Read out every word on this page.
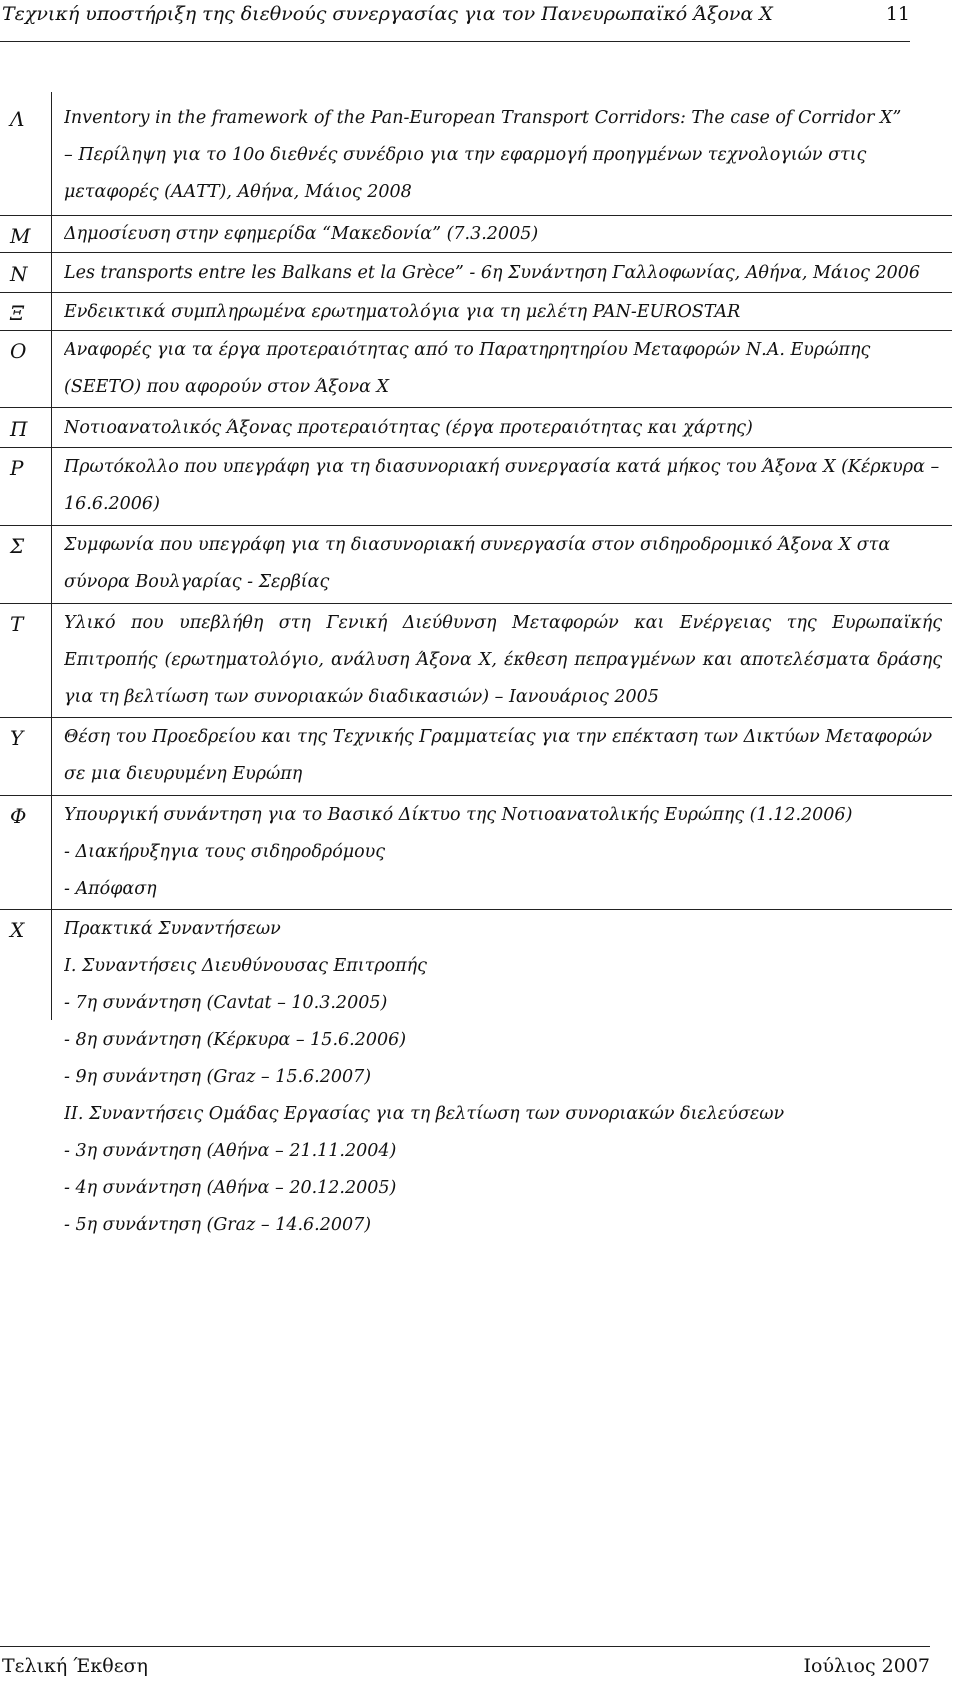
Τεχνική υποστήριξη της διεθνούς συνεργασίας για τον Πανευρωπαϊκό Άξονα Χ	11
Λ Inventory in the framework of the Pan-European Transport Corridors: The case of Corridor X”
– Περίληψη για το 10ο διεθνές συνέδριο για την εφαρμογή προηγμένων τεχνολογιών στις
μεταφορές (ΑΑΤΤ), Αθήνα, Μάιος 2008
Μ Δημοσίευση στην εφημερίδα “Μακεδονία” (7.3.2005)
Ν Les transports entre les Balkans et la Grèce” - 6η Συνάντηση Γαλλοφωνίας, Αθήνα, Μάιος 2006
Ξ Ενδεικτικά συμπληρωμένα ερωτηματολόγια για τη μελέτη PAN-EUROSTAR
Ο Αναφορές για τα έργα προτεραιότητας από το Παρατηρητηρίου Μεταφορών Ν.Α. Ευρώπης
(SEETO) που αφορούν στον Άξονα Χ
Π Νοτιοανατολικός Άξονας προτεραιότητας (έργα προτεραιότητας και χάρτης)
Ρ Πρωτόκολλο που υπεγράφη για τη διασυνοριακή συνεργασία κατά μήκος του Άξονα Χ (Κέρκυρα –
16.6.2006)
Σ Συμφωνία που υπεγράφη για τη διασυνοριακή συνεργασία στον σιδηροδρομικό Άξονα Χ στα
σύνορα Βουλγαρίας - Σερβίας
Τ Υλικό που υπεβλήθη στη Γενική Διεύθυνση Μεταφορών και Ενέργειας της Ευρωπαϊκής
Επιτροπής (ερωτηματολόγιο, ανάλυση Άξονα Χ, έκθεση πεπραγμένων και αποτελέσματα δράσης
για τη βελτίωση των συνοριακών διαδικασιών) – Ιανουάριος 2005
Υ Θέση του Προεδρείου και της Τεχνικής Γραμματείας για την επέκταση των Δικτύων Μεταφορών
σε μια διευρυμένη Ευρώπη
Φ Υπουργική συνάντηση για το Βασικό Δίκτυο της Νοτιοανατολικής Ευρώπης (1.12.2006)
- Διακήρυξηγια τους σιδηροδρόμους
- Απόφαση
Χ Πρακτικά Συναντήσεων
Ι. Συναντήσεις Διευθύνουσας Επιτροπής
- 7η συνάντηση (Cavtat – 10.3.2005)
- 8η συνάντηση (Κέρκυρα – 15.6.2006)
- 9η συνάντηση (Graz – 15.6.2007)
ΙΙ. Συναντήσεις Ομάδας Εργασίας για τη βελτίωση των συνοριακών διελεύσεων
- 3η συνάντηση (Αθήνα – 21.11.2004)
- 4η συνάντηση (Αθήνα – 20.12.2005)
- 5η συνάντηση (Graz – 14.6.2007)
Τελική Έκθεση	Ιούλιος 2007
